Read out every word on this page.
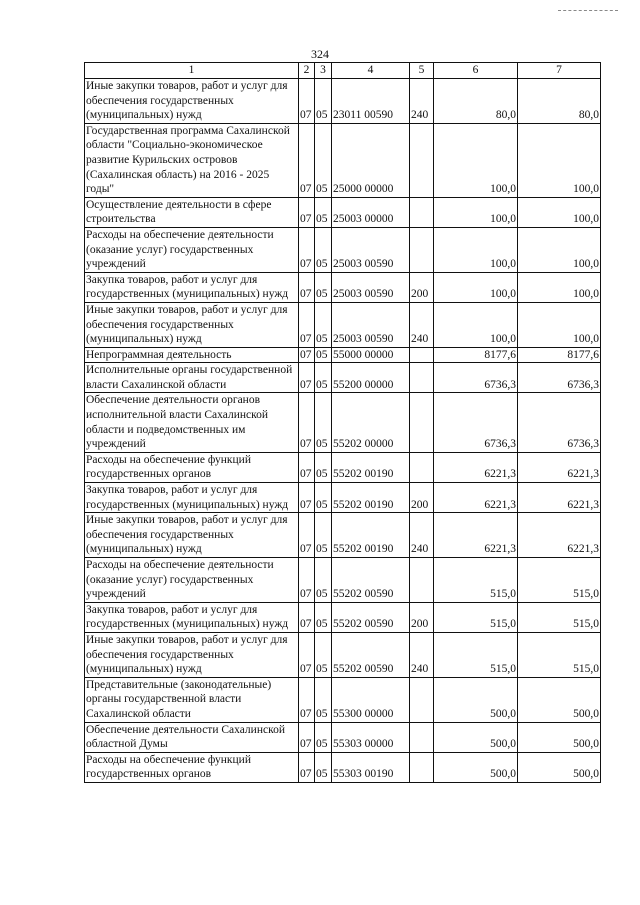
324
1	2	3	4	5	6	7
Иные закупки товаров, работ и услуг для обеспечения государственных (муниципальных) нужд	07	05	23011 00590	240	80,0	80,0
Государственная программа Сахалинской области "Социально-экономическое развитие Курильских островов (Сахалинская область) на 2016 - 2025 годы"	07	05	25000 00000		100,0	100,0
Осуществление деятельности в сфере строительства	07	05	25003 00000		100,0	100,0
Расходы на обеспечение деятельности (оказание услуг) государственных учреждений	07	05	25003 00590		100,0	100,0
Закупка товаров, работ и услуг для государственных (муниципальных) нужд	07	05	25003 00590	200	100,0	100,0
Иные закупки товаров, работ и услуг для обеспечения государственных (муниципальных) нужд	07	05	25003 00590	240	100,0	100,0
Непрограммная деятельность	07	05	55000 00000		8177,6	8177,6
Исполнительные органы государственной власти Сахалинской области	07	05	55200 00000		6736,3	6736,3
Обеспечение деятельности органов исполнительной власти Сахалинской области и подведомственных им учреждений	07	05	55202 00000		6736,3	6736,3
Расходы на обеспечение функций государственных органов	07	05	55202 00190		6221,3	6221,3
Закупка товаров, работ и услуг для государственных (муниципальных) нужд	07	05	55202 00190	200	6221,3	6221,3
Иные закупки товаров, работ и услуг для обеспечения государственных (муниципальных) нужд	07	05	55202 00190	240	6221,3	6221,3
Расходы на обеспечение деятельности (оказание услуг) государственных учреждений	07	05	55202 00590		515,0	515,0
Закупка товаров, работ и услуг для государственных (муниципальных) нужд	07	05	55202 00590	200	515,0	515,0
Иные закупки товаров, работ и услуг для обеспечения государственных (муниципальных) нужд	07	05	55202 00590	240	515,0	515,0
Представительные (законодательные) органы государственной власти Сахалинской области	07	05	55300 00000		500,0	500,0
Обеспечение деятельности Сахалинской областной Думы	07	05	55303 00000		500,0	500,0
Расходы на обеспечение функций государственных органов	07	05	55303 00190		500,0	500,0
